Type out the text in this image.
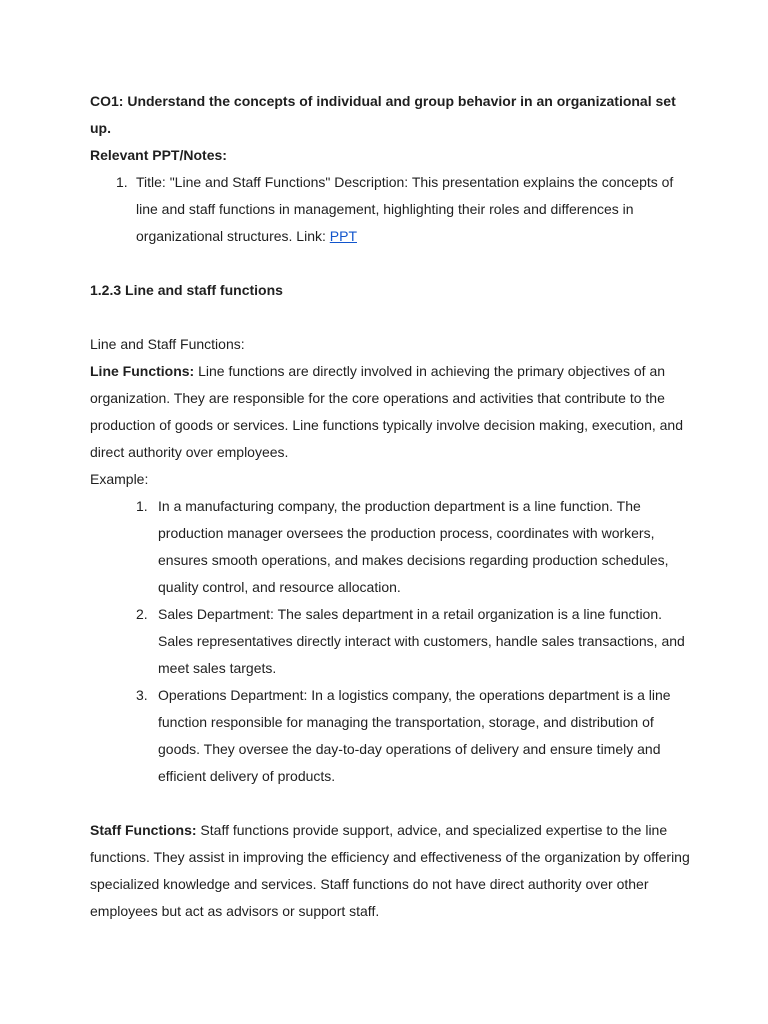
CO1: Understand the concepts of individual and group behavior in an organizational set up.

Relevant PPT/Notes:

1. Title: "Line and Staff Functions" Description: This presentation explains the concepts of line and staff functions in management, highlighting their roles and differences in organizational structures. Link: PPT

1.2.3 Line and staff functions

Line and Staff Functions:

Line Functions: Line functions are directly involved in achieving the primary objectives of an organization. They are responsible for the core operations and activities that contribute to the production of goods or services. Line functions typically involve decision making, execution, and direct authority over employees.

Example:

1. In a manufacturing company, the production department is a line function. The production manager oversees the production process, coordinates with workers, ensures smooth operations, and makes decisions regarding production schedules, quality control, and resource allocation.
2. Sales Department: The sales department in a retail organization is a line function. Sales representatives directly interact with customers, handle sales transactions, and meet sales targets.
3. Operations Department: In a logistics company, the operations department is a line function responsible for managing the transportation, storage, and distribution of goods. They oversee the day-to-day operations of delivery and ensure timely and efficient delivery of products.

Staff Functions: Staff functions provide support, advice, and specialized expertise to the line functions. They assist in improving the efficiency and effectiveness of the organization by offering specialized knowledge and services. Staff functions do not have direct authority over other employees but act as advisors or support staff.
